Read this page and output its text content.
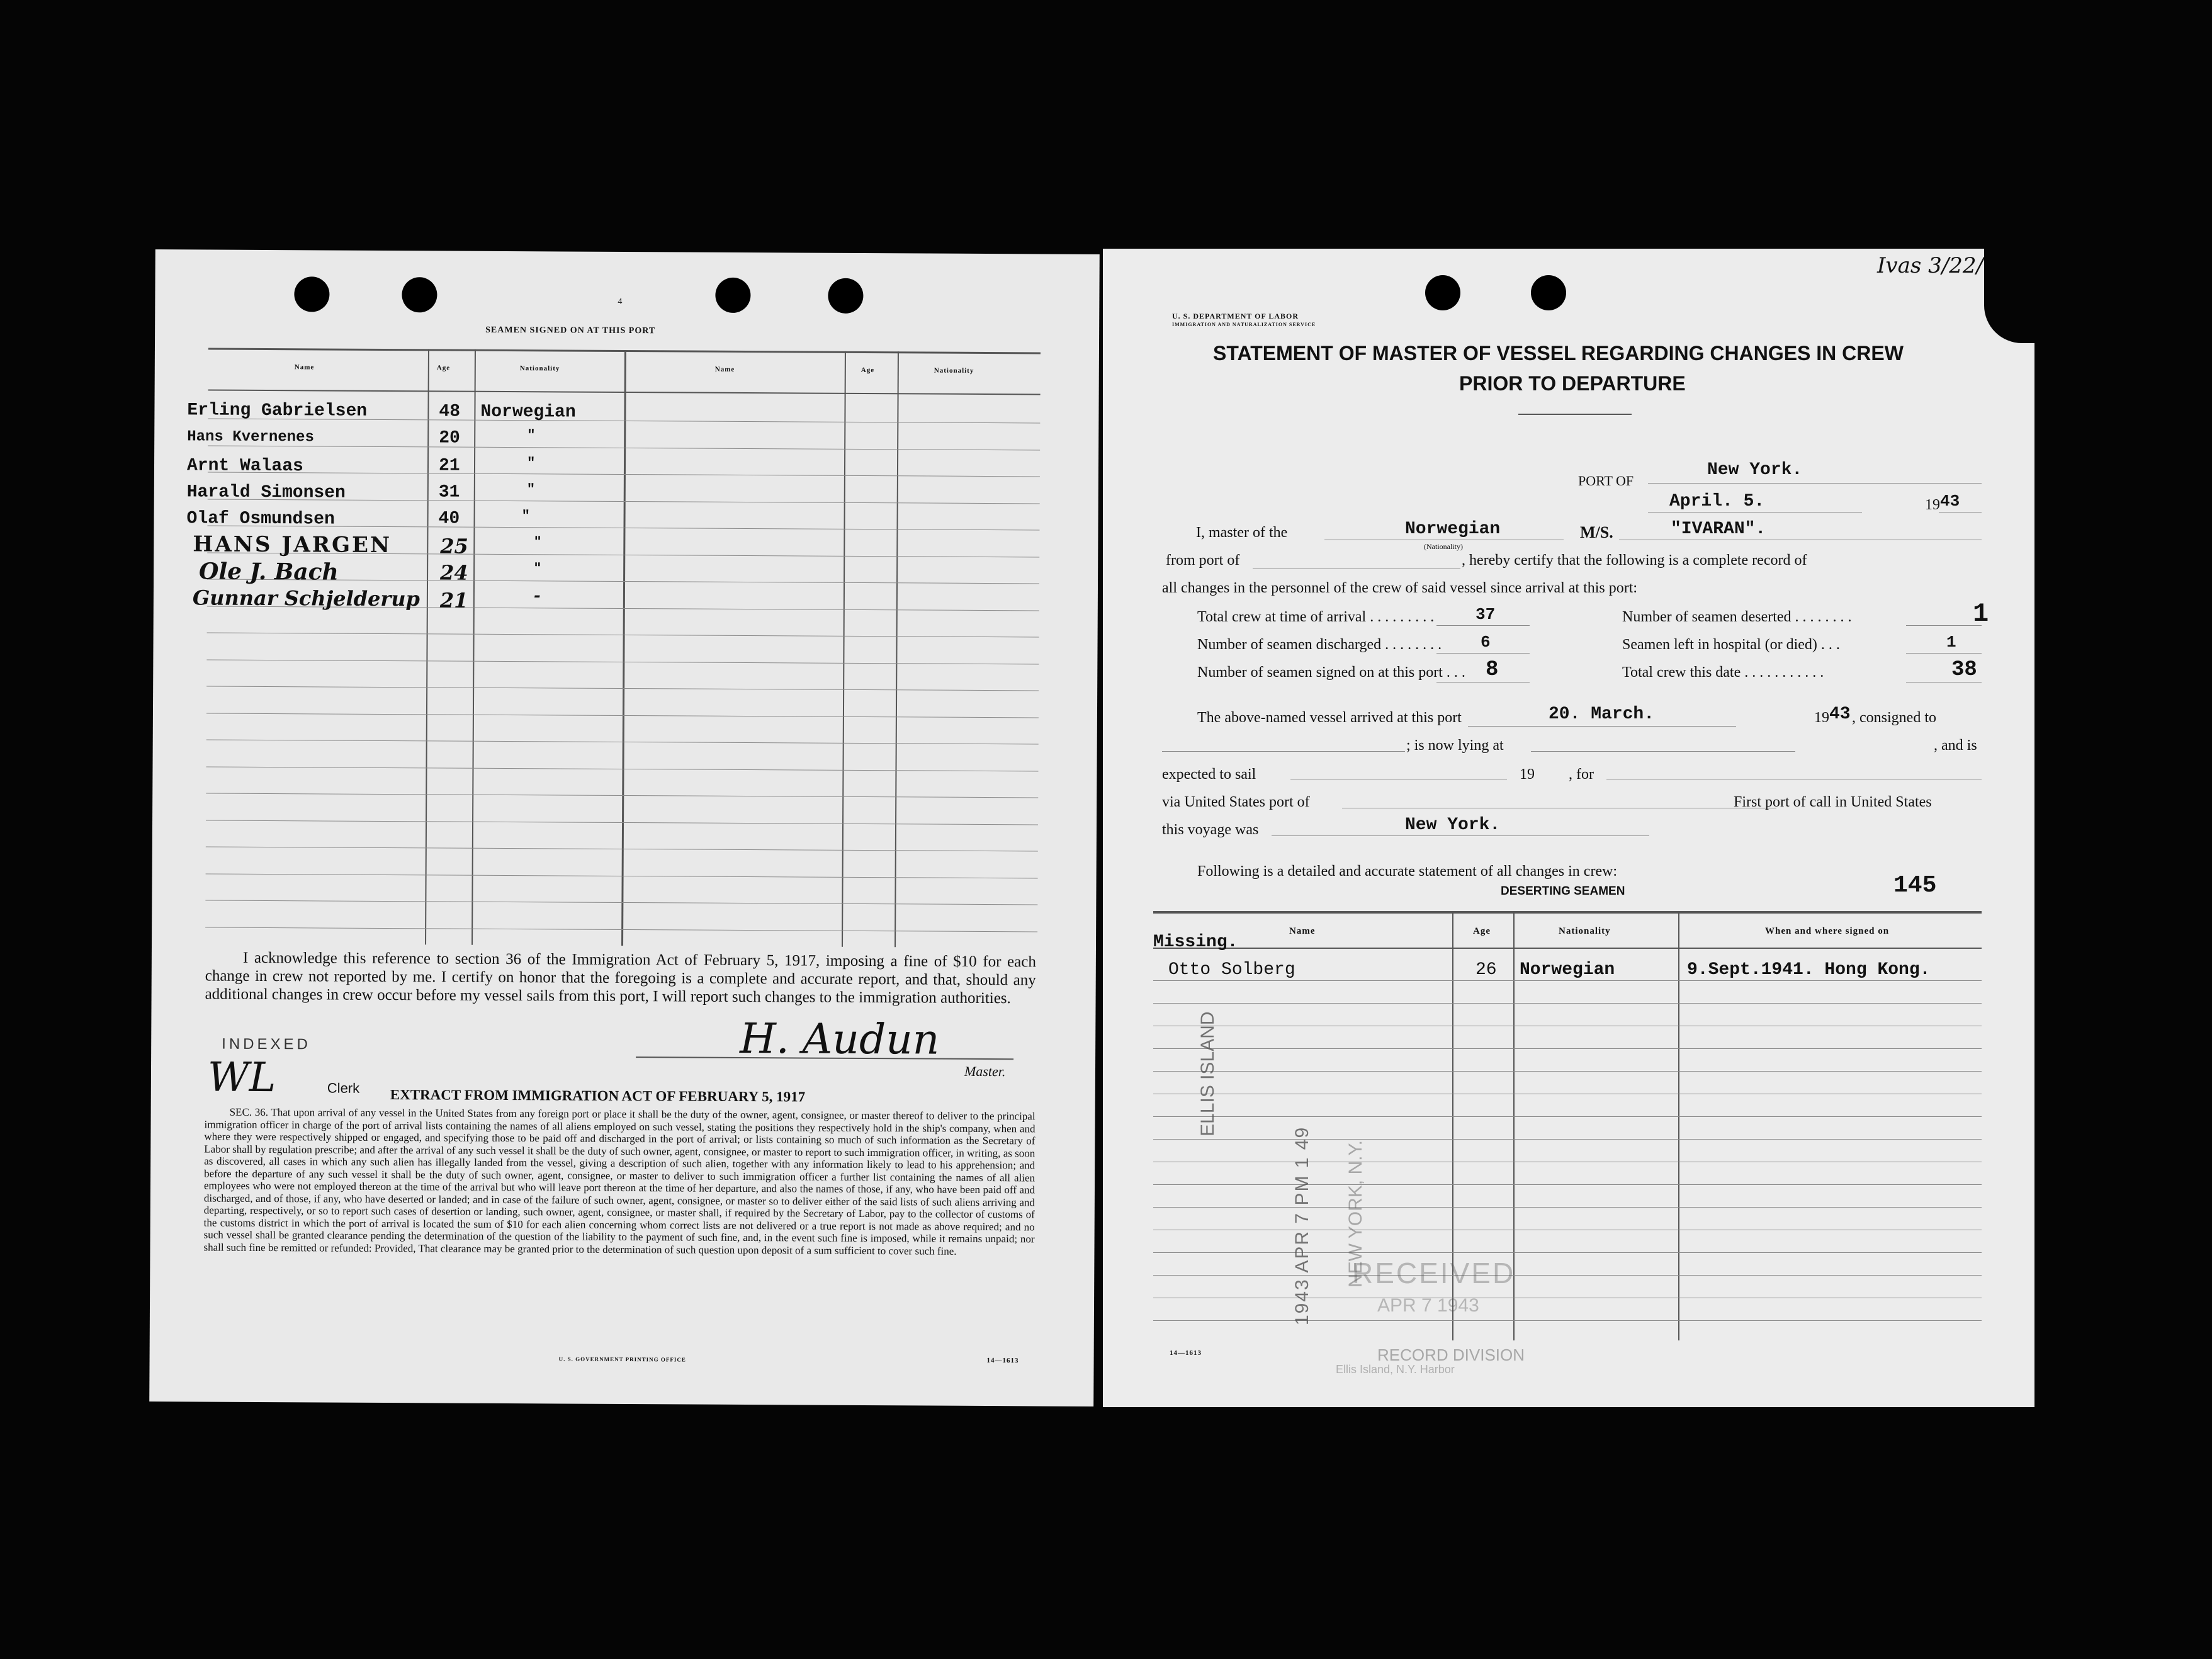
4
SEAMEN SIGNED ON AT THIS PORT
Name	Age	Nationality	Name	Age	Nationality
Erling Gabrielsen	48 Norwegian
Hans Kvernenes	20	"
Arnt Walaas	21	"
Harald Simonsen	31	"
Olaf Osmundsen	40	"
HANS JARGEN 25	"
Ole J. Bach	24	"
Gunnar Schjelderup 21	-
I acknowledge this reference to section 36 of the Immigration Act of February 5, 1917, imposing a fine of $10 for each change in crew not reported by me. I certify on honor that the foregoing is a complete and accurate report, and that, should any additional changes in crew occur before my vessel sails from this port, I will report such changes to the immigration authorities.
INDEXED
WL	Clerk
H. Audun
Master.
EXTRACT FROM IMMIGRATION ACT OF FEBRUARY 5, 1917
SEC. 36. That upon arrival of any vessel in the United States from any foreign port or place it shall be the duty of the owner, agent, consignee, or master thereof to deliver to the principal immigration officer in charge of the port of arrival lists containing the names of all aliens employed on such vessel, stating the positions they respectively hold in the ship's company, when and where they were respectively shipped or engaged, and specifying those to be paid off and discharged in the port of arrival; or lists containing so much of such information as the Secretary of Labor shall by regulation prescribe; and after the arrival of any such vessel it shall be the duty of such owner, agent, consignee, or master to report to such immigration officer, in writing, as soon as discovered, all cases in which any such alien has illegally landed from the vessel, giving a description of such alien, together with any information likely to lead to his apprehension; and before the departure of any such vessel it shall be the duty of such owner, agent, consignee, or master to deliver to such immigration officer a further list containing the names of all alien employees who were not employed thereon at the time of the arrival but who will leave port thereon at the time of her departure, and also the names of those, if any, who have been paid off and discharged, and of those, if any, who have deserted or landed; and in case of the failure of such owner, agent, consignee, or master so to deliver either of the said lists of such aliens arriving and departing, respectively, or so to report such cases of desertion or landing, such owner, agent, consignee, or master shall, if required by the Secretary of Labor, pay to the collector of customs of the customs district in which the port of arrival is located the sum of $10 for each alien concerning whom correct lists are not delivered or a true report is not made as above required; and no such vessel shall be granted clearance pending the determination of the question of the liability to the payment of such fine, and, in the event such fine is imposed, while it remains unpaid; nor shall such fine be remitted or refunded: Provided, That clearance may be granted prior to the determination of such question upon deposit of a sum sufficient to cover such fine.
U. S. GOVERNMENT PRINTING OFFICE	14—1613
Ivas 3/22/
U. S. DEPARTMENT OF LABOR
IMMIGRATION AND NATURALIZATION SERVICE
STATEMENT OF MASTER OF VESSEL REGARDING CHANGES IN CREW
PRIOR TO DEPARTURE
PORT OF
New York.
April. 5.	19 43
I, master of the	Norwegian
(Nationality)
M/S.	"IVARAN".
from port of	, hereby certify that the following is a complete record of
all changes in the personnel of the crew of said vessel since arrival at this port:
Total crew at time of arrival . . . . . . . . .	37	Number of seamen deserted . . . . . . . .	1
Number of seamen discharged . . . . . . . . 6	Seamen left in hospital (or died) . . .	1
Number of seamen signed on at this port . . . 8	Total crew this date . . . . . . . . . . .	38
The above-named vessel arrived at this port	20. March.	19 43 , consigned to
; is now lying at	, and is
expected to sail	19 , for
via United States port of	First port of call in United States
this voyage was	New York.
Following is a detailed and accurate statement of all changes in crew:
DESERTING SEAMEN	145
Name	Age	Nationality	When and where signed on
Missing.
Otto Solberg	26 Norwegian	9.Sept.1941. Hong Kong.
ELLIS ISLAND
1943 APR 7 PM 1 49 NEW YORK, N.Y.
RECEIVED
APR 7 1943
RECORD DIVISION
Ellis Island, N.Y. Harbor
14—1613
